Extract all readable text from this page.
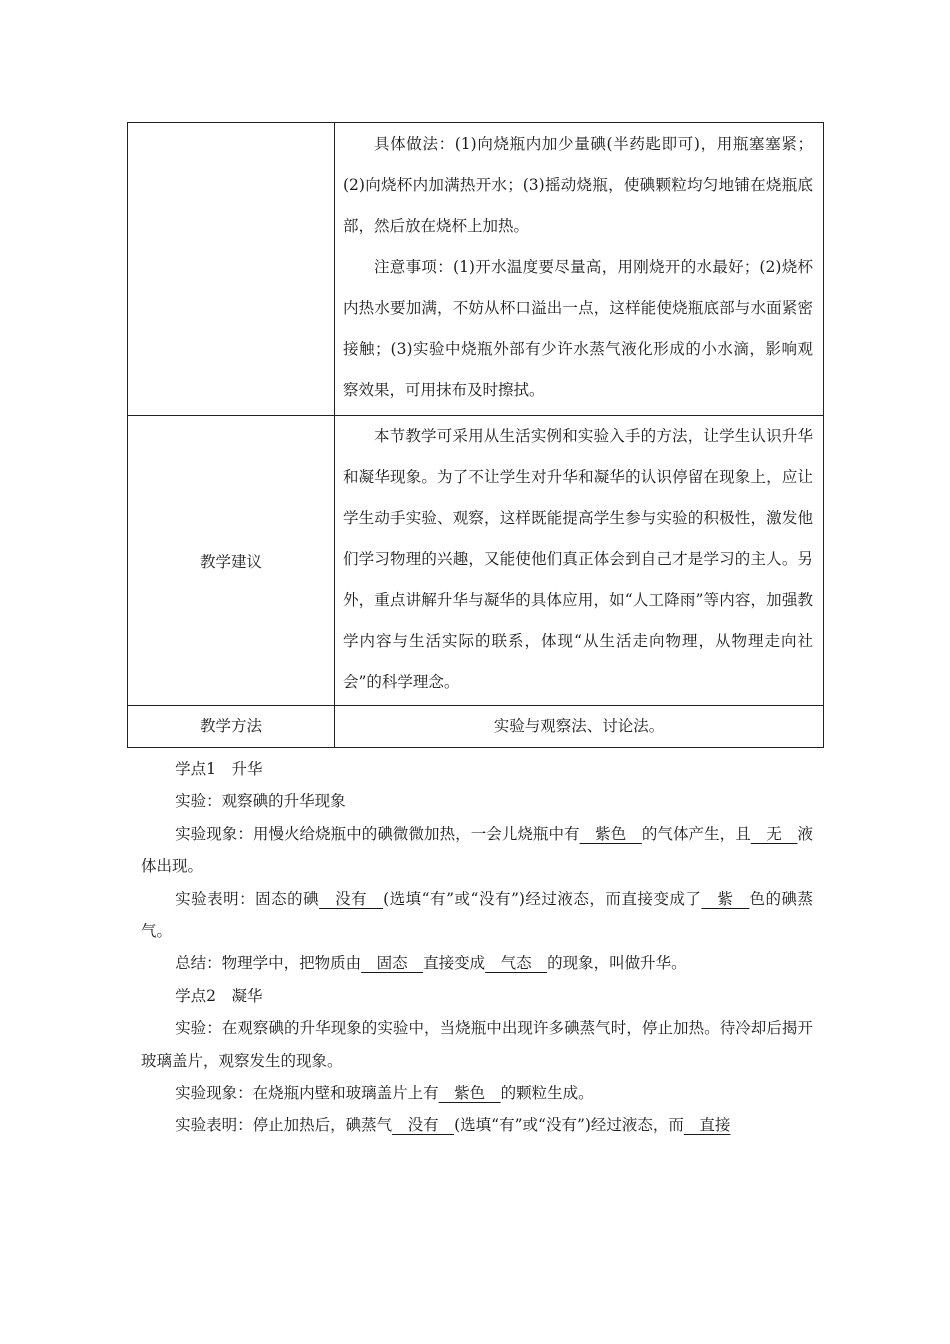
	具体做法：(1)向烧瓶内加少量碘(半药匙即可)，用瓶塞塞紧；(2)向烧杯内加满热开水；(3)摇动烧瓶，使碘颗粒均匀地铺在烧瓶底部，然后放在烧杯上加热。

注意事项：(1)开水温度要尽量高，用刚烧开的水最好；(2)烧杯内热水要加满，不妨从杯口溢出一点，这样能使烧瓶底部与水面紧密接触；(3)实验中烧瓶外部有少许水蒸气液化形成的小水滴，影响观察效果，可用抹布及时擦拭。

教学建议	本节教学可采用从生活实例和实验入手的方法，让学生认识升华和凝华现象。为了不让学生对升华和凝华的认识停留在现象上，应让学生动手实验、观察，这样既能提高学生参与实验的积极性，激发他们学习物理的兴趣，又能使他们真正体会到自己才是学习的主人。另外，重点讲解升华与凝华的具体应用，如“人工降雨”等内容，加强教学内容与生活实际的联系，体现“从生活走向物理，从物理走向社会”的科学理念。

教学方法	实验与观察法、讨论法。

学点1　升华

实验：观察碘的升华现象

实验现象：用慢火给烧瓶中的碘微微加热，一会儿烧瓶中有　紫色　的气体产生，且　无　液体出现。

实验表明：固态的碘　没有　(选填“有”或“没有”)经过液态，而直接变成了　紫　色的碘蒸气。

总结：物理学中，把物质由　固态　直接变成　气态　的现象，叫做升华。

学点2　凝华

实验：在观察碘的升华现象的实验中，当烧瓶中出现许多碘蒸气时，停止加热。待冷却后揭开玻璃盖片，观察发生的现象。

实验现象：在烧瓶内壁和玻璃盖片上有　紫色　的颗粒生成。

实验表明：停止加热后，碘蒸气　没有　(选填“有”或“没有”)经过液态，而　直接
